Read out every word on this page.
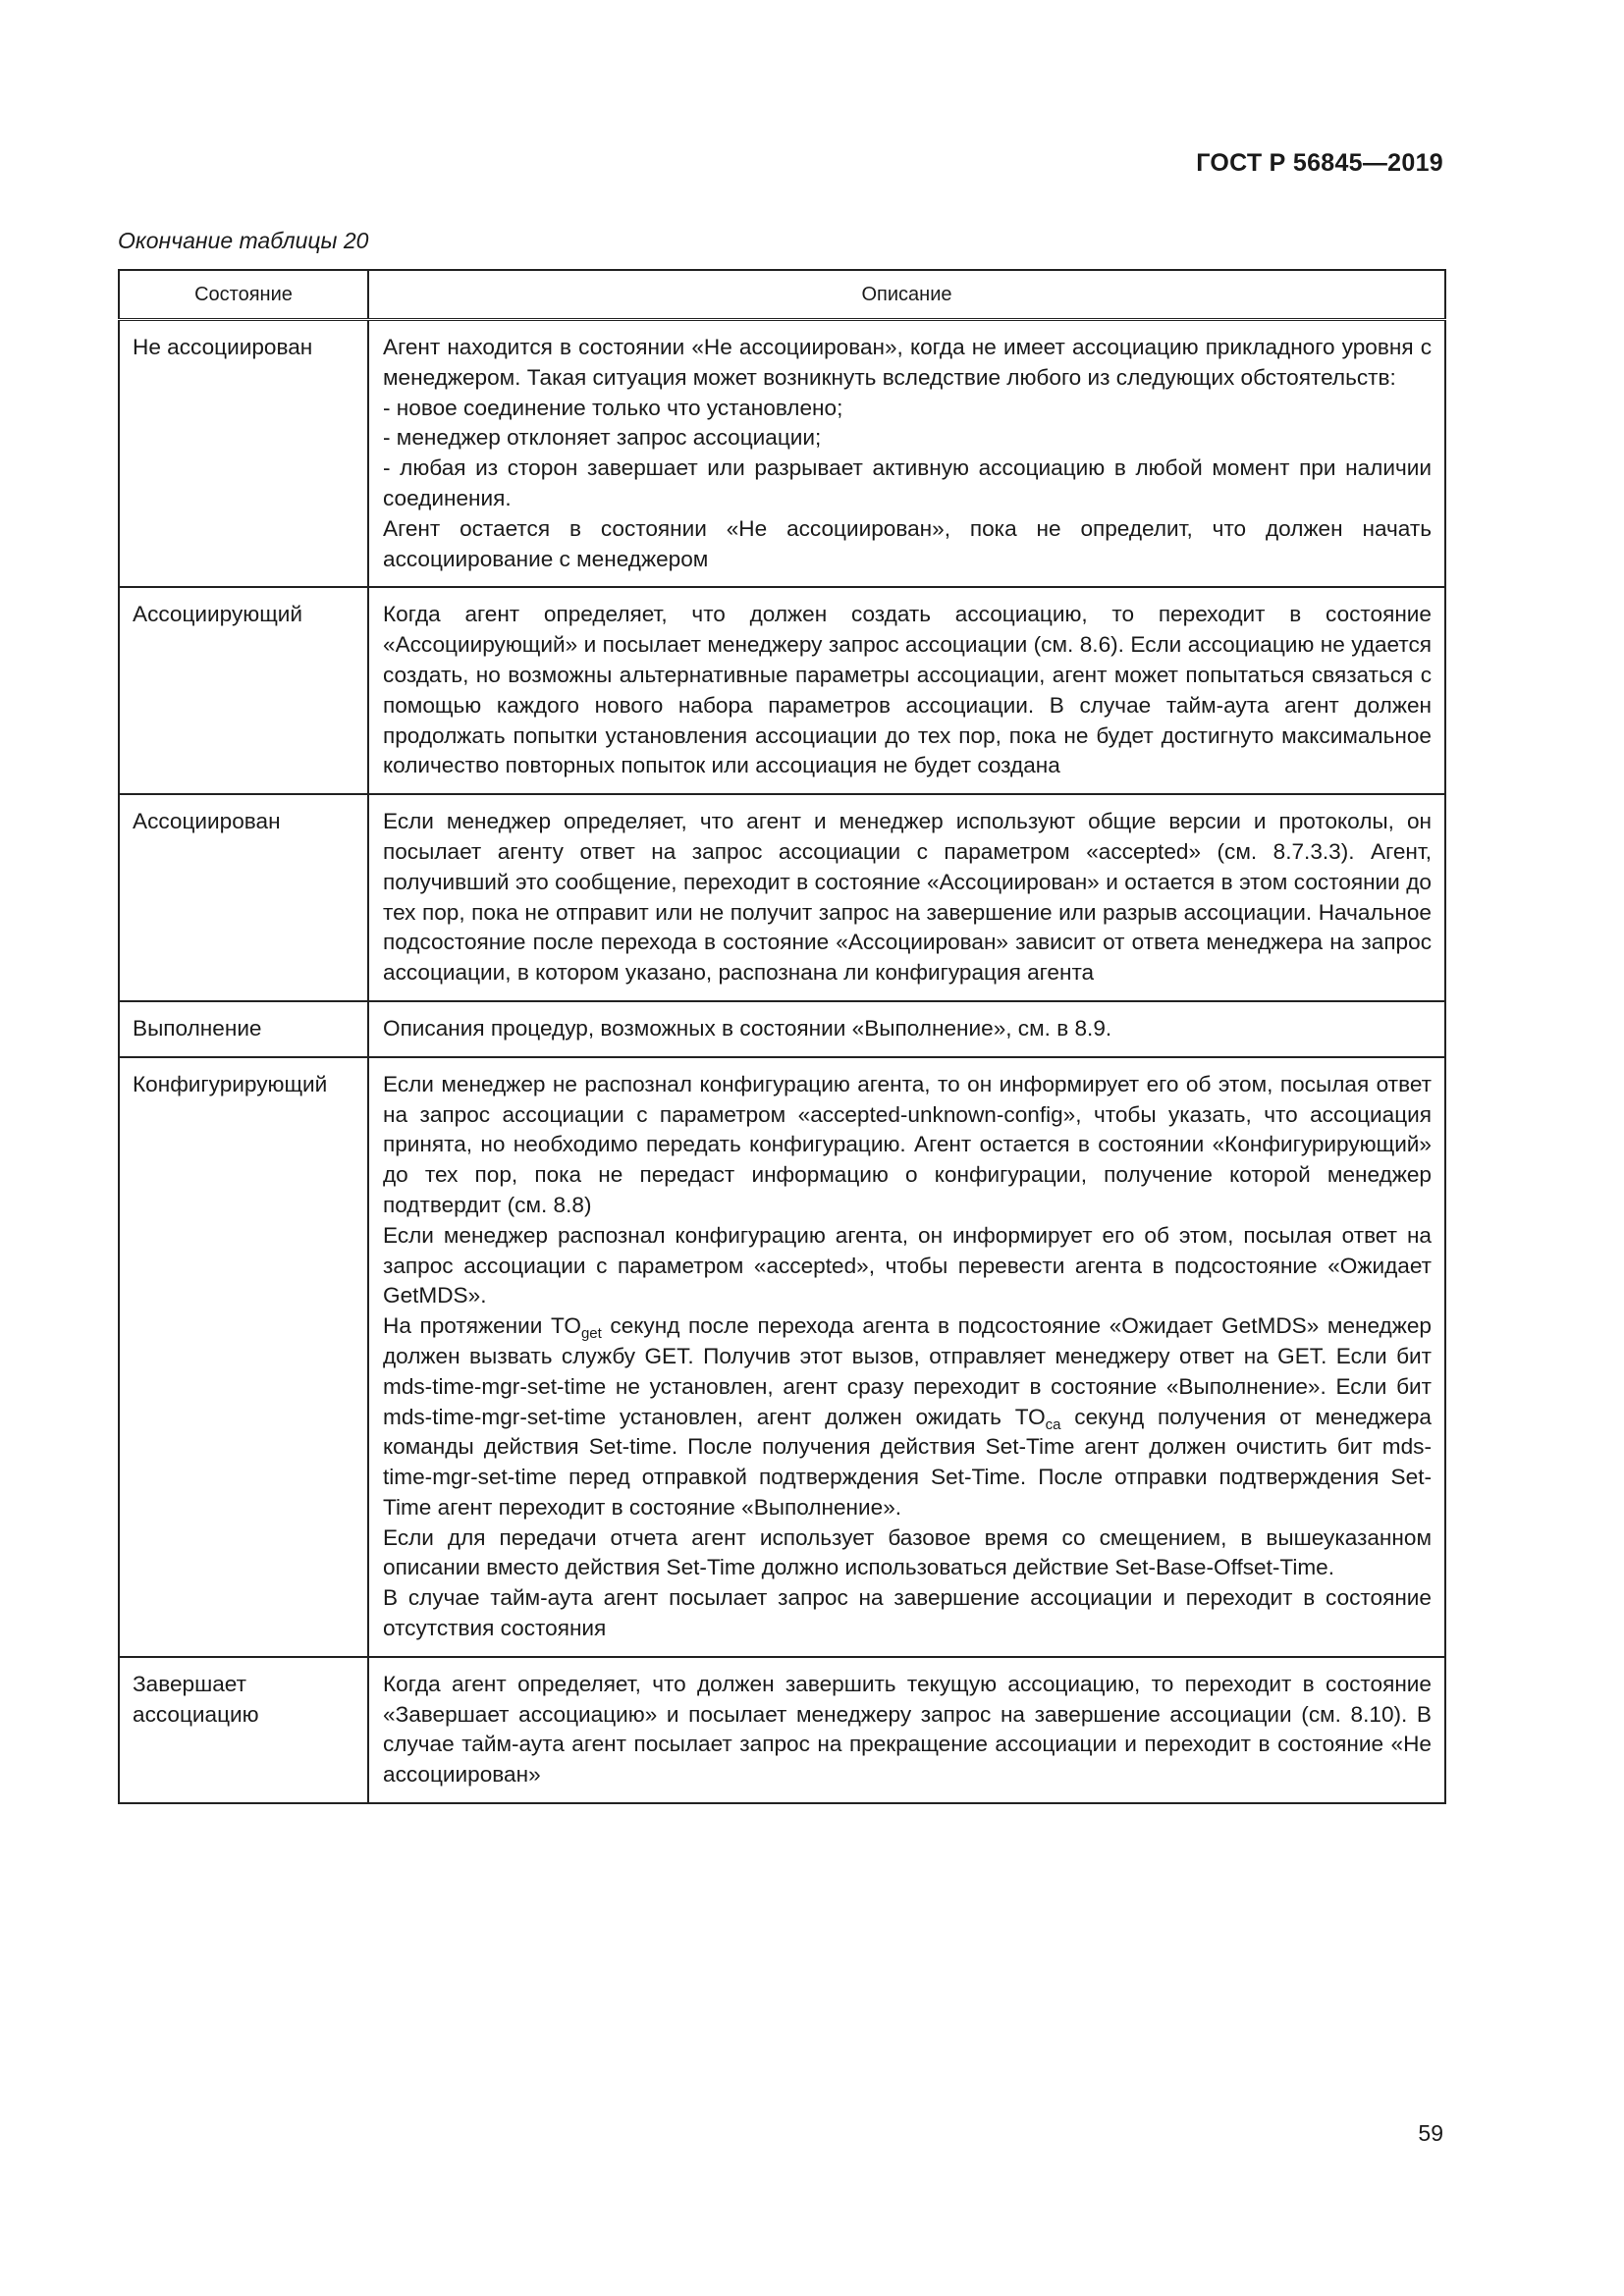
ГОСТ Р 56845—2019
Окончание таблицы 20
Состояние	Описание
Не ассоциирован	Агент находится в состоянии «Не ассоциирован», когда не имеет ассоциацию прикладного уровня с менеджером. Такая ситуация может возникнуть вследствие любого из следующих обстоятельств:
- новое соединение только что установлено;
- менеджер отклоняет запрос ассоциации;
- любая из сторон завершает или разрывает активную ассоциацию в любой момент при наличии соединения.
Агент остается в состоянии «Не ассоциирован», пока не определит, что должен начать ассоциирование с менеджером

Ассоциирующий	Когда агент определяет, что должен создать ассоциацию, то переходит в состояние «Ассоциирующий» и посылает менеджеру запрос ассоциации (см. 8.6). Если ассоциацию не удается создать, но возможны альтернативные параметры ассоциации, агент может попытаться связаться с помощью каждого нового набора параметров ассоциации. В случае тайм-аута агент должен продолжать попытки установления ассоциации до тех пор, пока не будет достигнуто максимальное количество повторных попыток или ассоциация не будет создана

Ассоциирован	Если менеджер определяет, что агент и менеджер используют общие версии и протоколы, он посылает агенту ответ на запрос ассоциации с параметром «accepted» (см. 8.7.3.3). Агент, получивший это сообщение, переходит в состояние «Ассоциирован» и остается в этом состоянии до тех пор, пока не отправит или не получит запрос на завершение или разрыв ассоциации. Начальное подсостояние после перехода в состояние «Ассоциирован» зависит от ответа менеджера на запрос ассоциации, в котором указано, распознана ли конфигурация агента

Выполнение	Описания процедур, возможных в состоянии «Выполнение», см. в 8.9.

Конфигурирующий	Если менеджер не распознал конфигурацию агента, то он информирует его об этом, посылая ответ на запрос ассоциации с параметром «accepted-unknown-config», чтобы указать, что ассоциация принята, но необходимо передать конфигурацию. Агент остается в состоянии «Конфигурирующий» до тех пор, пока не передаст информацию о конфигурации, получение которой менеджер подтвердит (см. 8.8)
Если менеджер распознал конфигурацию агента, он информирует его об этом, посылая ответ на запрос ассоциации с параметром «accepted», чтобы перевести агента в подсостояние «Ожидает GetMDS».
На протяжении $TO_{get}$ секунд после перехода агента в подсостояние «Ожидает GetMDS» менеджер должен вызвать службу GET. Получив этот вызов, отправляет менеджеру ответ на GET. Если бит mds-time-mgr-set-time не установлен, агент сразу переходит в состояние «Выполнение». Если бит mds-time-mgr-set-time установлен, агент должен ожидать $TO_{ca}$ секунд получения от менеджера команды действия Set-time. После получения действия Set-Time агент должен очистить бит mds-time-mgr-set-time перед отправкой подтверждения Set-Time. После отправки подтверждения Set-Time агент переходит в состояние «Выполнение».
Если для передачи отчета агент использует базовое время со смещением, в вышеуказанном описании вместо действия Set-Time должно использоваться действие Set-Base-Offset-Time.
В случае тайм-аута агент посылает запрос на завершение ассоциации и переходит в состояние отсутствия состояния

Завершает ассоциацию	Когда агент определяет, что должен завершить текущую ассоциацию, то переходит в состояние «Завершает ассоциацию» и посылает менеджеру запрос на завершение ассоциации (см. 8.10). В случае тайм-аута агент посылает запрос на прекращение ассоциации и переходит в состояние «Не ассоциирован»
59
